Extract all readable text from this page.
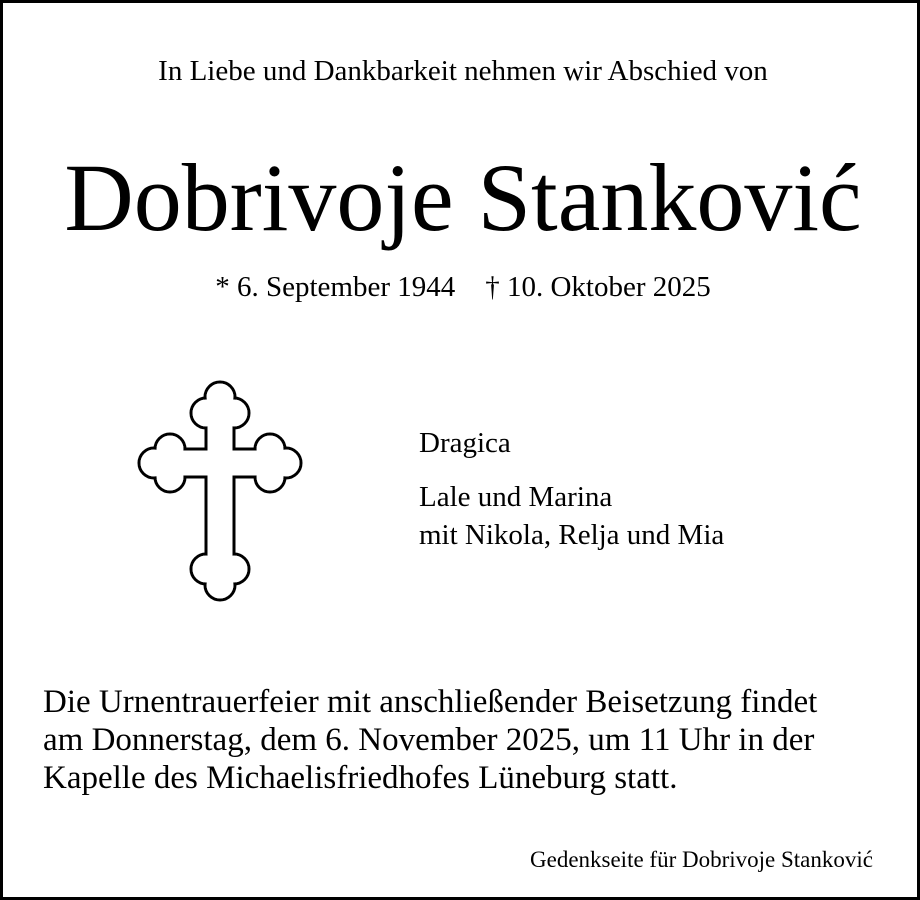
In Liebe und Dankbarkeit nehmen wir Abschied von
Dobrivoje Stanković
* 6. September 1944 † 10. Oktober 2025
Dragica
Lale und Marina
mit Nikola, Relja und Mia
Die Urnentrauerfeier mit anschließender Beisetzung findet
am Donnerstag, dem 6. November 2025, um 11 Uhr in der
Kapelle des Michaelisfriedhofes Lüneburg statt.
Gedenkseite für Dobrivoje Stanković
